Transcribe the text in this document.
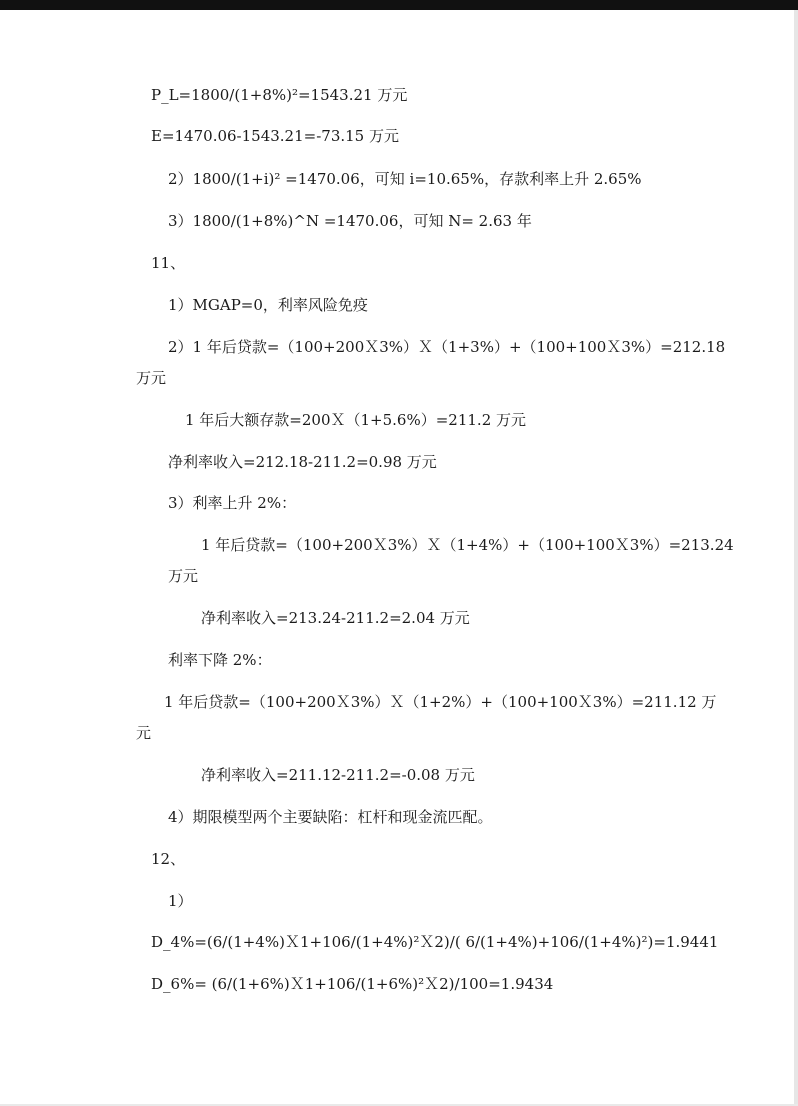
P_L=1800/(1+8%)²=1543.21 万元
E=1470.06-1543.21=-73.15 万元
2）1800/(1+i)² =1470.06，可知 i=10.65%，存款利率上升 2.65%
3）1800/(1+8%)^N =1470.06，可知 N= 2.63 年
11、
1）MGAP=0，利率风险免疫
2）1 年后贷款=（100+200Ｘ3%）Ｘ（1+3%）+（100+100Ｘ3%）=212.18
万元
1 年后大额存款=200Ｘ（1+5.6%）=211.2 万元
净利率收入=212.18-211.2=0.98 万元
3）利率上升 2%：
1 年后贷款=（100+200Ｘ3%）Ｘ（1+4%）+（100+100Ｘ3%）=213.24
万元
净利率收入=213.24-211.2=2.04 万元
利率下降 2%：
1 年后贷款=（100+200Ｘ3%）Ｘ（1+2%）+（100+100Ｘ3%）=211.12 万
元
净利率收入=211.12-211.2=-0.08 万元
4）期限模型两个主要缺陷：杠杆和现金流匹配。
12、
1）
D_4%=(6/(1+4%)Ｘ1+106/(1+4%)²Ｘ2)/( 6/(1+4%)+106/(1+4%)²)=1.9441
D_6%= (6/(1+6%)Ｘ1+106/(1+6%)²Ｘ2)/100=1.9434
